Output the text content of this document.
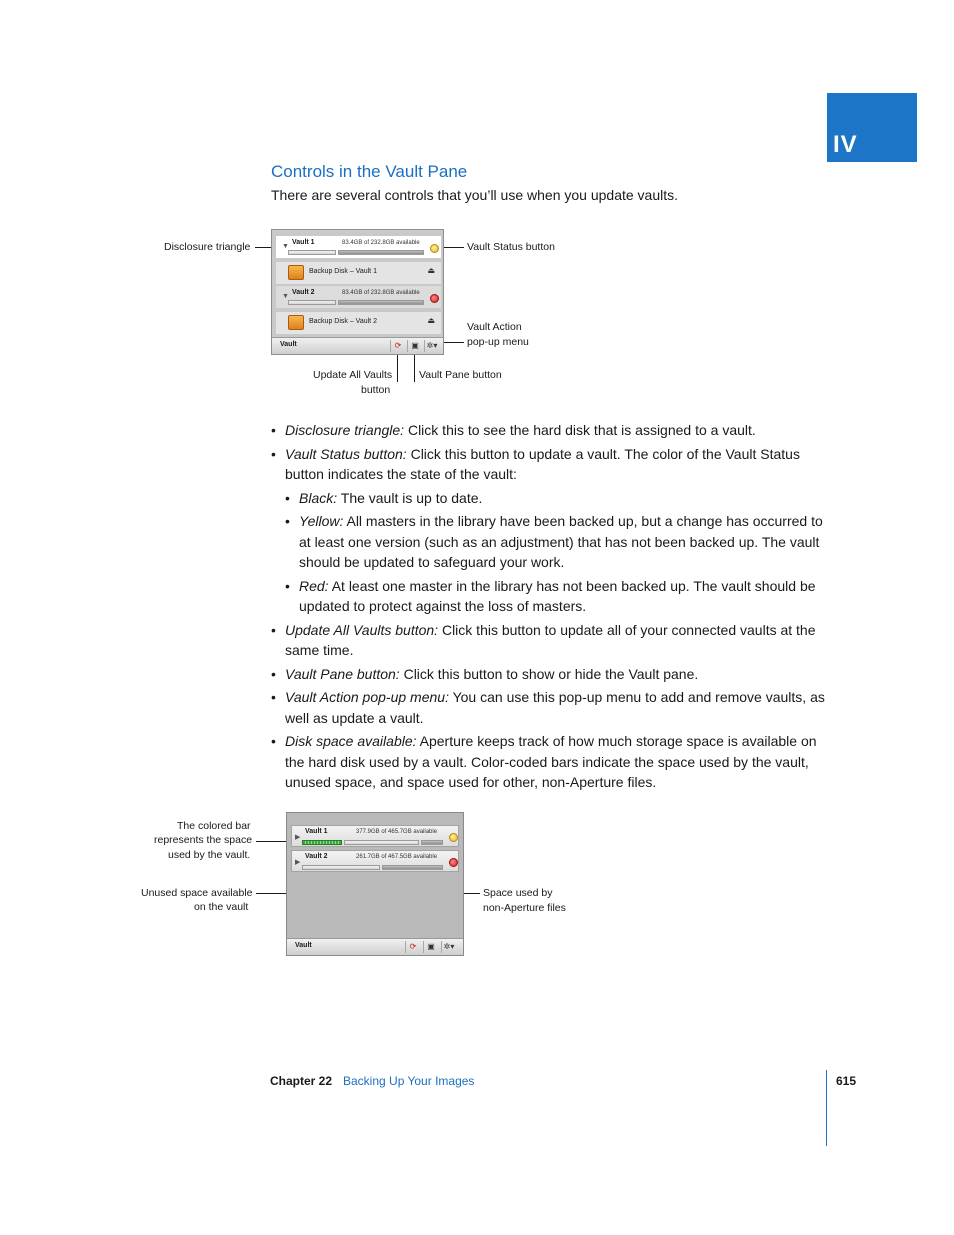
IV
Controls in the Vault Pane
There are several controls that you’ll use when you update vaults.
Disclosure triangle	Vault Status button
Vault Action
pop-up menu
Update All Vaults
button
Vault Pane button
▼
Vault 1	83.4GB of 232.8GB available
Backup Disk – Vault 1	⏏
▼
Vault 2	83.4GB of 232.8GB available
Backup Disk – Vault 2	⏏
Vault	⟳	▣ ✲▾
• Disclosure triangle: Click this to see the hard disk that is assigned to a vault.
• Vault Status button: Click this button to update a vault. The color of the Vault Status button indicates the state of the vault:
• Black: The vault is up to date.
• Yellow: All masters in the library have been backed up, but a change has occurred to at least one version (such as an adjustment) that has not been backed up. The vault should be updated to safeguard your work.
• Red: At least one master in the library has not been backed up. The vault should be updated to protect against the loss of masters.
• Update All Vaults button: Click this button to update all of your connected vaults at the same time.
• Vault Pane button: Click this button to show or hide the Vault pane.
• Vault Action pop-up menu: You can use this pop-up menu to add and remove vaults, as well as update a vault.
• Disk space available: Aperture keeps track of how much storage space is available on the hard disk used by a vault. Color-coded bars indicate the space used by the vault, unused space, and space used for other, non-Aperture files.
The colored bar
represents the space
used by the vault.
Unused space available
on the vault
Space used by
non-Aperture files
▶
Vault 1	377.9GB of 465.7GB available
▶
Vault 2	261.7GB of 467.5GB available
Vault	⟳	▣	✲▾
Chapter 22 Backing Up Your Images	615
